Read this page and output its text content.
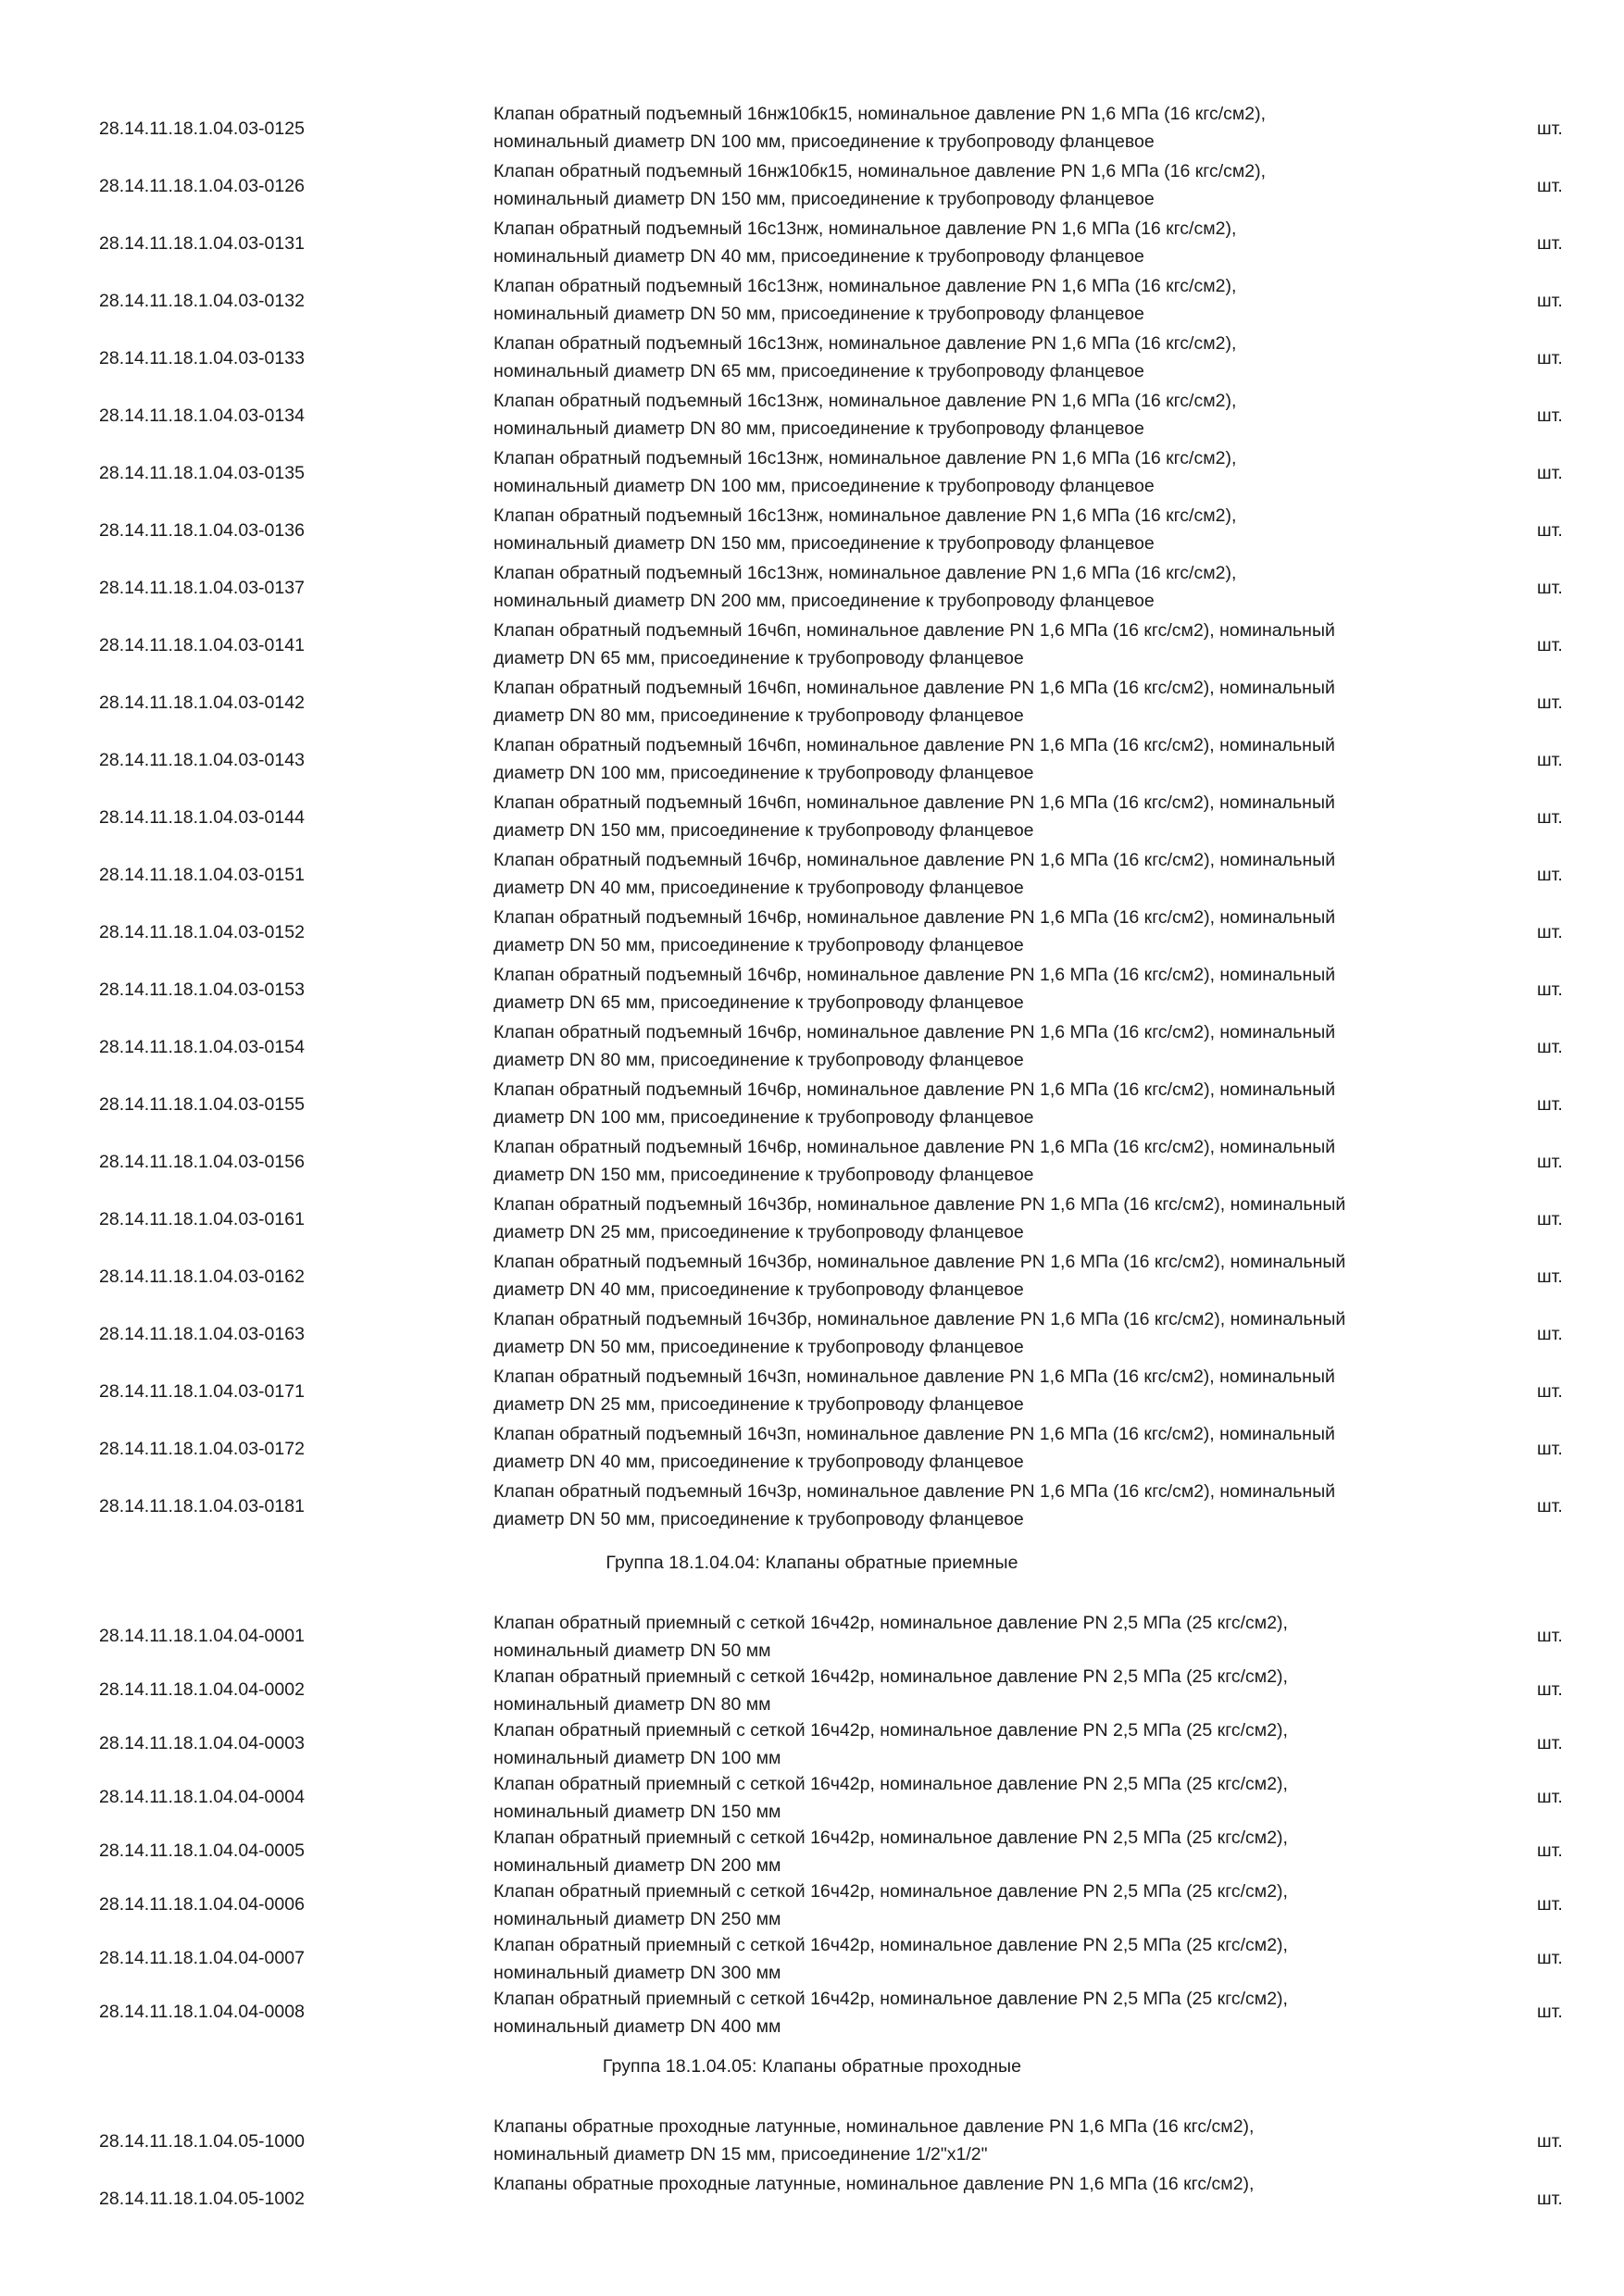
28.14.11.18.1.04.03-0125
Клапан обратный подъемный 16нж10бк15, номинальное давление PN 1,6 МПа (16 кгс/см2),
номинальный диаметр DN 100 мм, присоединение к трубопроводу фланцевое
шт.
28.14.11.18.1.04.03-0126
Клапан обратный подъемный 16нж10бк15, номинальное давление PN 1,6 МПа (16 кгс/см2),
номинальный диаметр DN 150 мм, присоединение к трубопроводу фланцевое
шт.
28.14.11.18.1.04.03-0131
Клапан обратный подъемный 16с13нж, номинальное давление PN 1,6 МПа (16 кгс/см2),
номинальный диаметр DN 40 мм, присоединение к трубопроводу фланцевое
шт.
28.14.11.18.1.04.03-0132
Клапан обратный подъемный 16с13нж, номинальное давление PN 1,6 МПа (16 кгс/см2),
номинальный диаметр DN 50 мм, присоединение к трубопроводу фланцевое
шт.
28.14.11.18.1.04.03-0133
Клапан обратный подъемный 16с13нж, номинальное давление PN 1,6 МПа (16 кгс/см2),
номинальный диаметр DN 65 мм, присоединение к трубопроводу фланцевое
шт.
28.14.11.18.1.04.03-0134
Клапан обратный подъемный 16с13нж, номинальное давление PN 1,6 МПа (16 кгс/см2),
номинальный диаметр DN 80 мм, присоединение к трубопроводу фланцевое
шт.
28.14.11.18.1.04.03-0135
Клапан обратный подъемный 16с13нж, номинальное давление PN 1,6 МПа (16 кгс/см2),
номинальный диаметр DN 100 мм, присоединение к трубопроводу фланцевое
шт.
28.14.11.18.1.04.03-0136
Клапан обратный подъемный 16с13нж, номинальное давление PN 1,6 МПа (16 кгс/см2),
номинальный диаметр DN 150 мм, присоединение к трубопроводу фланцевое
шт.
28.14.11.18.1.04.03-0137
Клапан обратный подъемный 16с13нж, номинальное давление PN 1,6 МПа (16 кгс/см2),
номинальный диаметр DN 200 мм, присоединение к трубопроводу фланцевое
шт.
28.14.11.18.1.04.03-0141
Клапан обратный подъемный 16ч6п, номинальное давление PN 1,6 МПа (16 кгс/см2), номинальный
диаметр DN 65 мм, присоединение к трубопроводу фланцевое
шт.
28.14.11.18.1.04.03-0142
Клапан обратный подъемный 16ч6п, номинальное давление PN 1,6 МПа (16 кгс/см2), номинальный
диаметр DN 80 мм, присоединение к трубопроводу фланцевое
шт.
28.14.11.18.1.04.03-0143
Клапан обратный подъемный 16ч6п, номинальное давление PN 1,6 МПа (16 кгс/см2), номинальный
диаметр DN 100 мм, присоединение к трубопроводу фланцевое
шт.
28.14.11.18.1.04.03-0144
Клапан обратный подъемный 16ч6п, номинальное давление PN 1,6 МПа (16 кгс/см2), номинальный
диаметр DN 150 мм, присоединение к трубопроводу фланцевое
шт.
28.14.11.18.1.04.03-0151
Клапан обратный подъемный 16ч6р, номинальное давление PN 1,6 МПа (16 кгс/см2), номинальный
диаметр DN 40 мм, присоединение к трубопроводу фланцевое
шт.
28.14.11.18.1.04.03-0152
Клапан обратный подъемный 16ч6р, номинальное давление PN 1,6 МПа (16 кгс/см2), номинальный
диаметр DN 50 мм, присоединение к трубопроводу фланцевое
шт.
28.14.11.18.1.04.03-0153
Клапан обратный подъемный 16ч6р, номинальное давление PN 1,6 МПа (16 кгс/см2), номинальный
диаметр DN 65 мм, присоединение к трубопроводу фланцевое
шт.
28.14.11.18.1.04.03-0154
Клапан обратный подъемный 16ч6р, номинальное давление PN 1,6 МПа (16 кгс/см2), номинальный
диаметр DN 80 мм, присоединение к трубопроводу фланцевое
шт.
28.14.11.18.1.04.03-0155
Клапан обратный подъемный 16ч6р, номинальное давление PN 1,6 МПа (16 кгс/см2), номинальный
диаметр DN 100 мм, присоединение к трубопроводу фланцевое
шт.
28.14.11.18.1.04.03-0156
Клапан обратный подъемный 16ч6р, номинальное давление PN 1,6 МПа (16 кгс/см2), номинальный
диаметр DN 150 мм, присоединение к трубопроводу фланцевое
шт.
28.14.11.18.1.04.03-0161
Клапан обратный подъемный 16ч3бр, номинальное давление PN 1,6 МПа (16 кгс/см2), номинальный
диаметр DN 25 мм, присоединение к трубопроводу фланцевое
шт.
28.14.11.18.1.04.03-0162
Клапан обратный подъемный 16ч3бр, номинальное давление PN 1,6 МПа (16 кгс/см2), номинальный
диаметр DN 40 мм, присоединение к трубопроводу фланцевое
шт.
28.14.11.18.1.04.03-0163
Клапан обратный подъемный 16ч3бр, номинальное давление PN 1,6 МПа (16 кгс/см2), номинальный
диаметр DN 50 мм, присоединение к трубопроводу фланцевое
шт.
28.14.11.18.1.04.03-0171
Клапан обратный подъемный 16ч3п, номинальное давление PN 1,6 МПа (16 кгс/см2), номинальный
диаметр DN 25 мм, присоединение к трубопроводу фланцевое
шт.
28.14.11.18.1.04.03-0172
Клапан обратный подъемный 16ч3п, номинальное давление PN 1,6 МПа (16 кгс/см2), номинальный
диаметр DN 40 мм, присоединение к трубопроводу фланцевое
шт.
28.14.11.18.1.04.03-0181
Клапан обратный подъемный 16ч3р, номинальное давление PN 1,6 МПа (16 кгс/см2), номинальный
диаметр DN 50 мм, присоединение к трубопроводу фланцевое
шт.
Группа 18.1.04.04: Клапаны обратные приемные
28.14.11.18.1.04.04-0001
Клапан обратный приемный с сеткой 16ч42р, номинальное давление PN 2,5 МПа (25 кгс/см2),
номинальный диаметр DN 50 мм
шт.
28.14.11.18.1.04.04-0002
Клапан обратный приемный с сеткой 16ч42р, номинальное давление PN 2,5 МПа (25 кгс/см2),
номинальный диаметр DN 80 мм
шт.
28.14.11.18.1.04.04-0003
Клапан обратный приемный с сеткой 16ч42р, номинальное давление PN 2,5 МПа (25 кгс/см2),
номинальный диаметр DN 100 мм
шт.
28.14.11.18.1.04.04-0004
Клапан обратный приемный с сеткой 16ч42р, номинальное давление PN 2,5 МПа (25 кгс/см2),
номинальный диаметр DN 150 мм
шт.
28.14.11.18.1.04.04-0005
Клапан обратный приемный с сеткой 16ч42р, номинальное давление PN 2,5 МПа (25 кгс/см2),
номинальный диаметр DN 200 мм
шт.
28.14.11.18.1.04.04-0006
Клапан обратный приемный с сеткой 16ч42р, номинальное давление PN 2,5 МПа (25 кгс/см2),
номинальный диаметр DN 250 мм
шт.
28.14.11.18.1.04.04-0007
Клапан обратный приемный с сеткой 16ч42р, номинальное давление PN 2,5 МПа (25 кгс/см2),
номинальный диаметр DN 300 мм
шт.
28.14.11.18.1.04.04-0008
Клапан обратный приемный с сеткой 16ч42р, номинальное давление PN 2,5 МПа (25 кгс/см2),
номинальный диаметр DN 400 мм
шт.
Группа 18.1.04.05: Клапаны обратные проходные
28.14.11.18.1.04.05-1000
Клапаны обратные проходные латунные, номинальное давление PN 1,6 МПа (16 кгс/см2),
номинальный диаметр DN 15 мм, присоединение 1/2"х1/2"
шт.
28.14.11.18.1.04.05-1002
Клапаны обратные проходные латунные, номинальное давление PN 1,6 МПа (16 кгс/см2),
шт.
